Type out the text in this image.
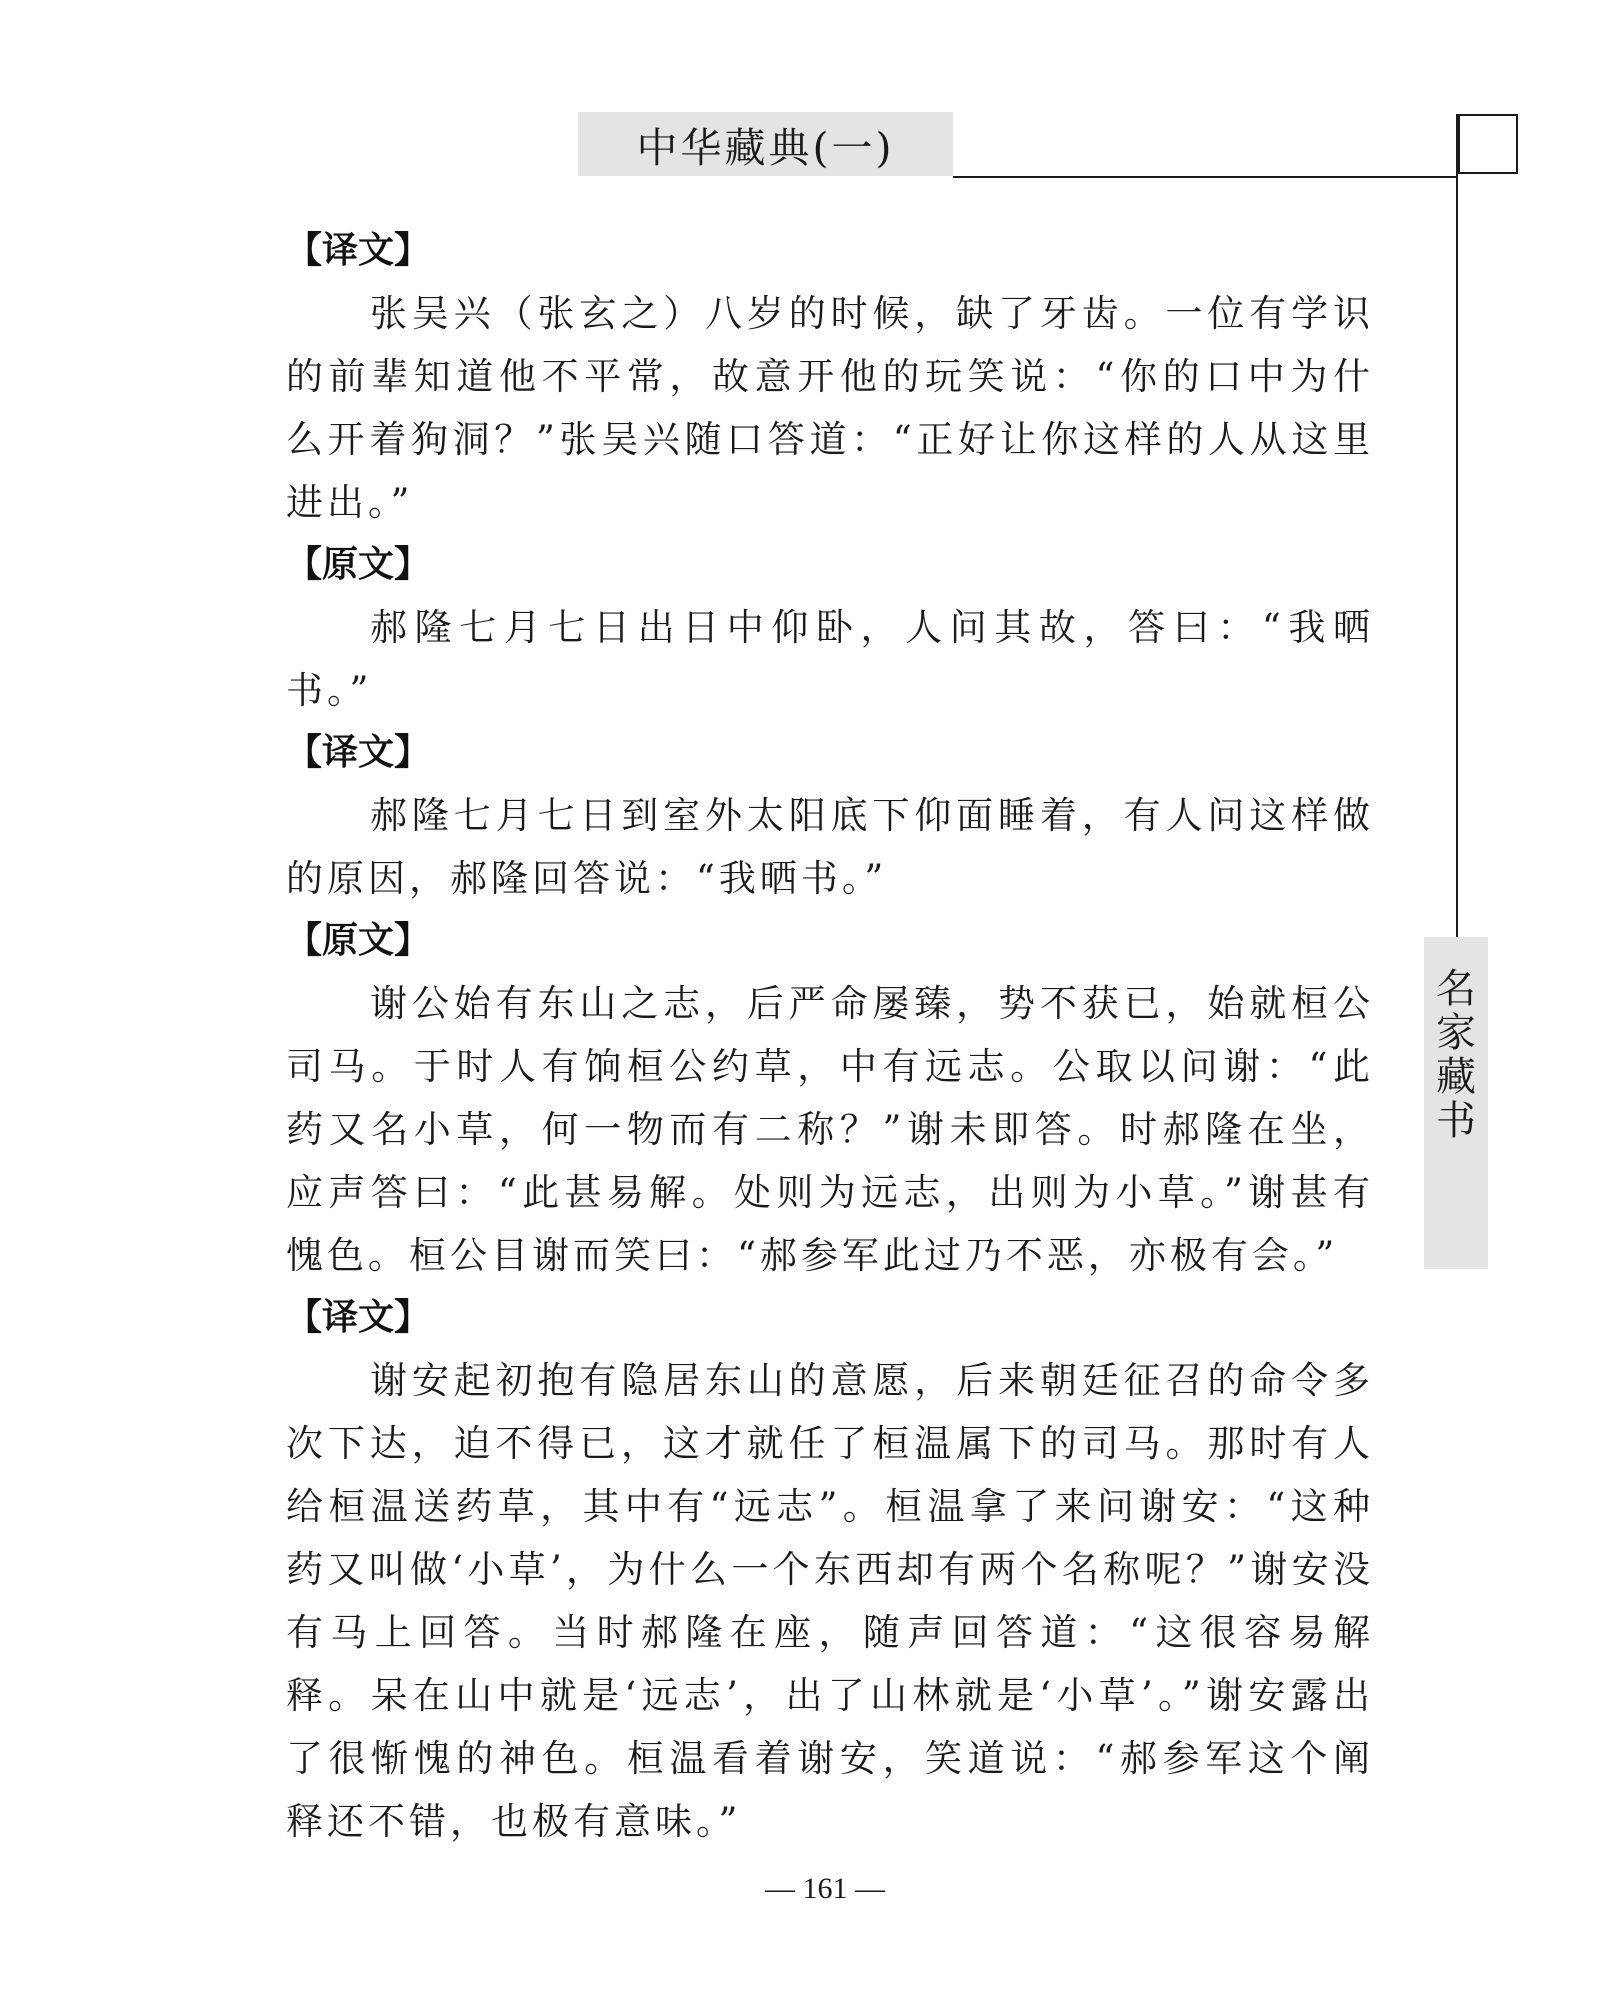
中华藏典(一)
名
家
藏
书
【译文】

张吴兴（张玄之）八岁的时候，缺了牙齿。一位有学识的前辈知道他不平常，故意开他的玩笑说：“你的口中为什么开着狗洞？”张吴兴随口答道：“正好让你这样的人从这里进出。”

【原文】

郝隆七月七日出日中仰卧，人问其故，答曰：“我晒书。”

【译文】

郝隆七月七日到室外太阳底下仰面睡着，有人问这样做的原因，郝隆回答说：“我晒书。”

【原文】

谢公始有东山之志，后严命屡臻，势不获已，始就桓公司马。于时人有饷桓公约草，中有远志。公取以问谢：“此药又名小草，何一物而有二称？”谢未即答。时郝隆在坐，应声答曰：“此甚易解。处则为远志，出则为小草。”谢甚有愧色。桓公目谢而笑曰：“郝参军此过乃不恶，亦极有会。”

【译文】

谢安起初抱有隐居东山的意愿，后来朝廷征召的命令多次下达，迫不得已，这才就任了桓温属下的司马。那时有人给桓温送药草，其中有“远志”。桓温拿了来问谢安：“这种药又叫做‘小草’，为什么一个东西却有两个名称呢？”谢安没有马上回答。当时郝隆在座，随声回答道：“这很容易解释。呆在山中就是‘远志’，出了山林就是‘小草’。”谢安露出了很惭愧的神色。桓温看着谢安，笑道说：“郝参军这个阐释还不错，也极有意味。”

— 161 —
